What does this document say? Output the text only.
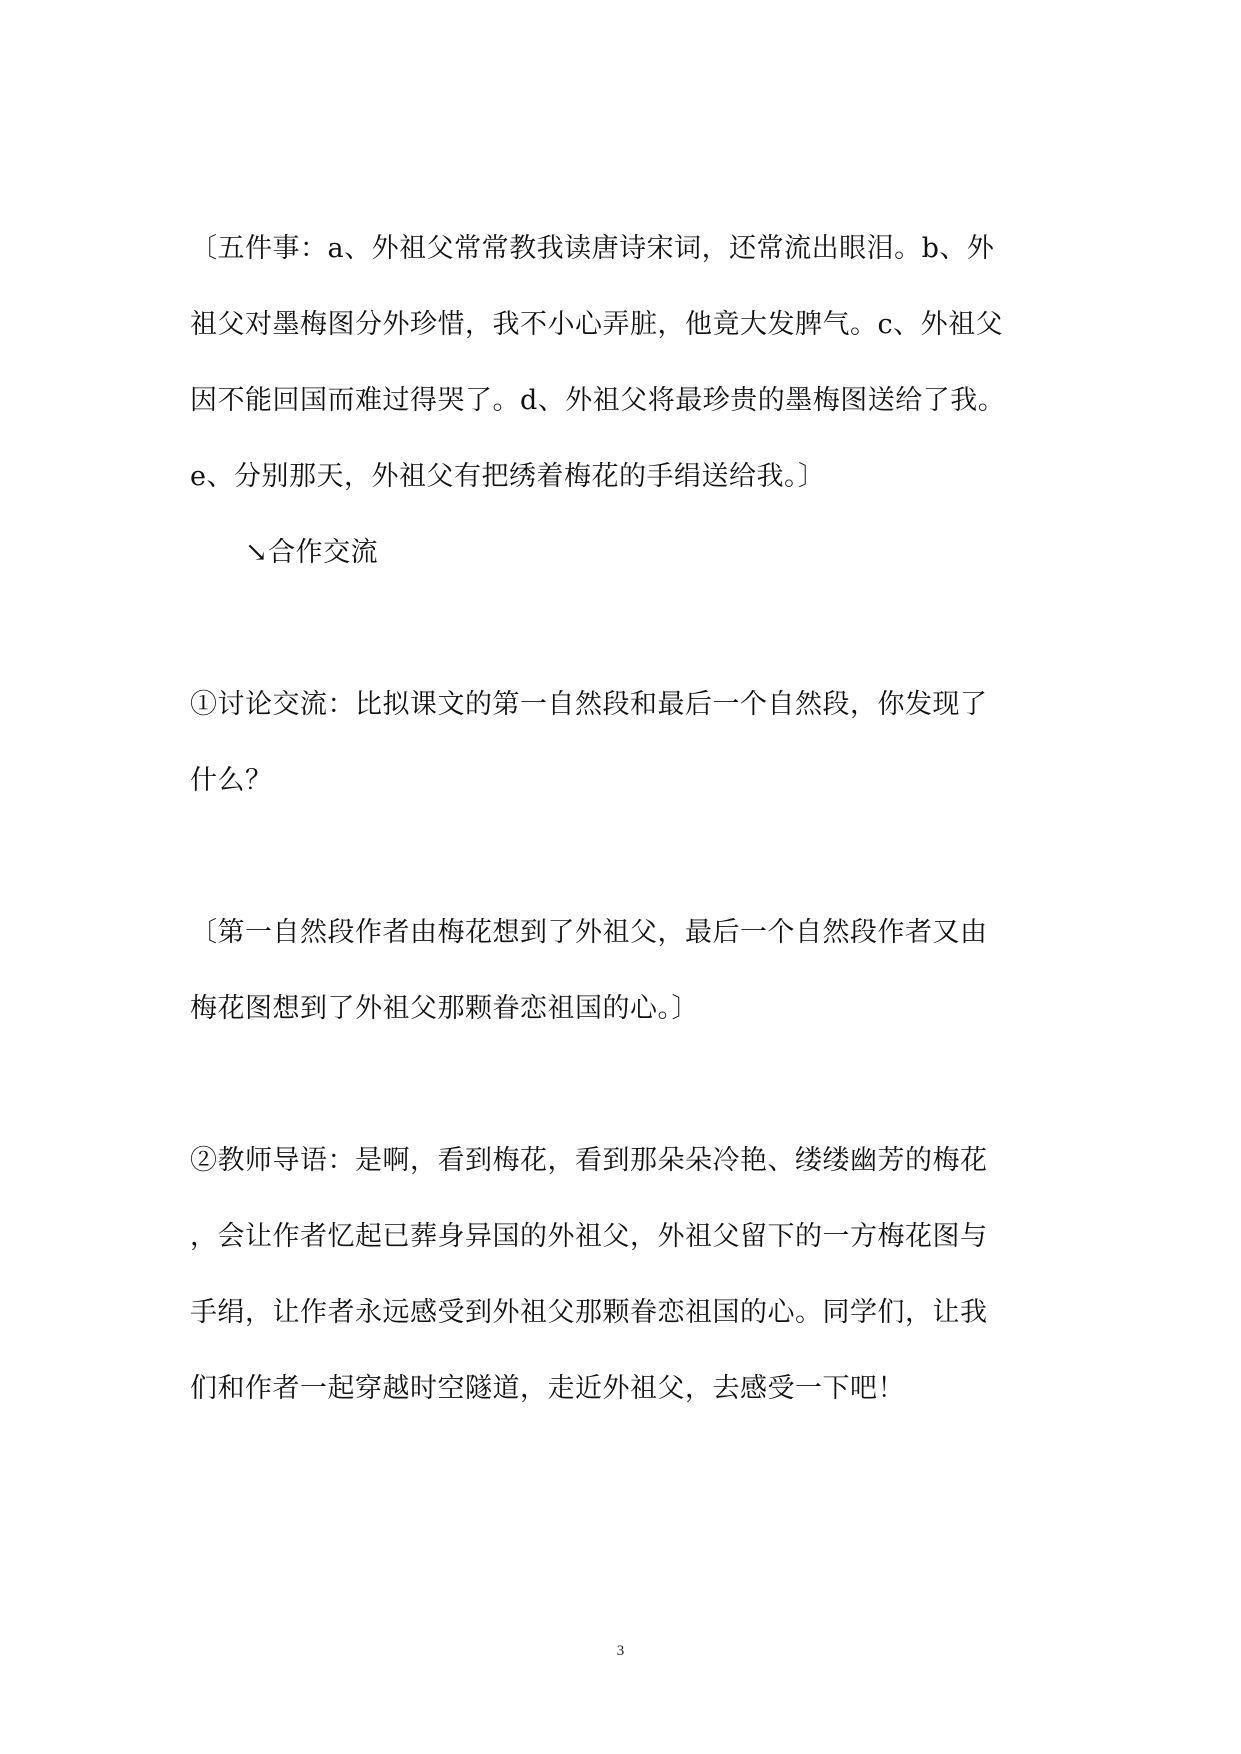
〔五件事：a、外祖父常常教我读唐诗宋词，还常流出眼泪。b、外
祖父对墨梅图分外珍惜，我不小心弄脏，他竟大发脾气。c、外祖父
因不能回国而难过得哭了。d、外祖父将最珍贵的墨梅图送给了我。
e、分别那天，外祖父有把绣着梅花的手绢送给我。〕
↘合作交流
①讨论交流：比拟课文的第一自然段和最后一个自然段，你发现了
什么？
〔第一自然段作者由梅花想到了外祖父，最后一个自然段作者又由
梅花图想到了外祖父那颗眷恋祖国的心。〕
②教师导语：是啊，看到梅花，看到那朵朵冷艳、缕缕幽芳的梅花
，会让作者忆起已葬身异国的外祖父，外祖父留下的一方梅花图与
手绢，让作者永远感受到外祖父那颗眷恋祖国的心。同学们，让我
们和作者一起穿越时空隧道，走近外祖父，去感受一下吧！
3
